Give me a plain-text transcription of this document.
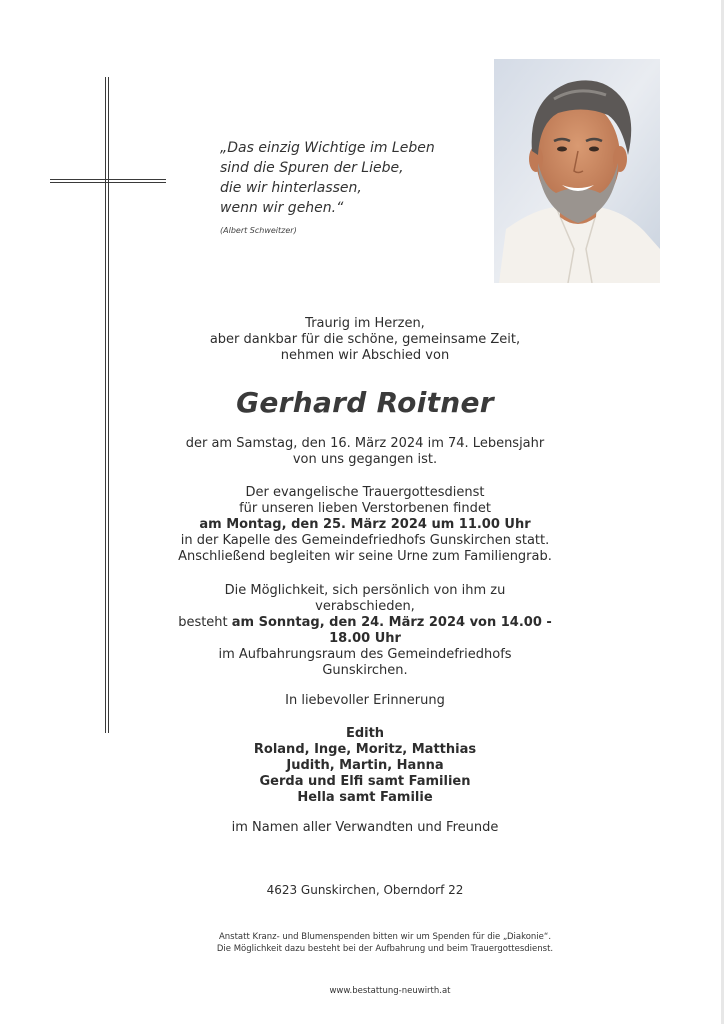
„Das einzig Wichtige im Leben
sind die Spuren der Liebe,
die wir hinterlassen,
wenn wir gehen.“
(Albert Schweitzer)
Traurig im Herzen,
aber dankbar für die schöne, gemeinsame Zeit,
nehmen wir Abschied von
Gerhard Roitner
der am Samstag, den 16. März 2024 im 74. Lebensjahr
von uns gegangen ist.
Der evangelische Trauergottesdienst
für unseren lieben Verstorbenen findet
am Montag, den 25. März 2024 um 11.00 Uhr
in der Kapelle des Gemeindefriedhofs Gunskirchen statt.
Anschließend begleiten wir seine Urne zum Familiengrab.
Die Möglichkeit, sich persönlich von ihm zu verabschieden,
besteht am Sonntag, den 24. März 2024 von 14.00 - 18.00 Uhr
im Aufbahrungsraum des Gemeindefriedhofs Gunskirchen.
In liebevoller Erinnerung
Edith
Roland, Inge, Moritz, Matthias
Judith, Martin, Hanna
Gerda und Elfi samt Familien
Hella samt Familie
im Namen aller Verwandten und Freunde
4623 Gunskirchen, Oberndorf 22
Anstatt Kranz- und Blumenspenden bitten wir um Spenden für die „Diakonie“.
Die Möglichkeit dazu besteht bei der Aufbahrung und beim Trauergottesdienst.
www.bestattung-neuwirth.at
